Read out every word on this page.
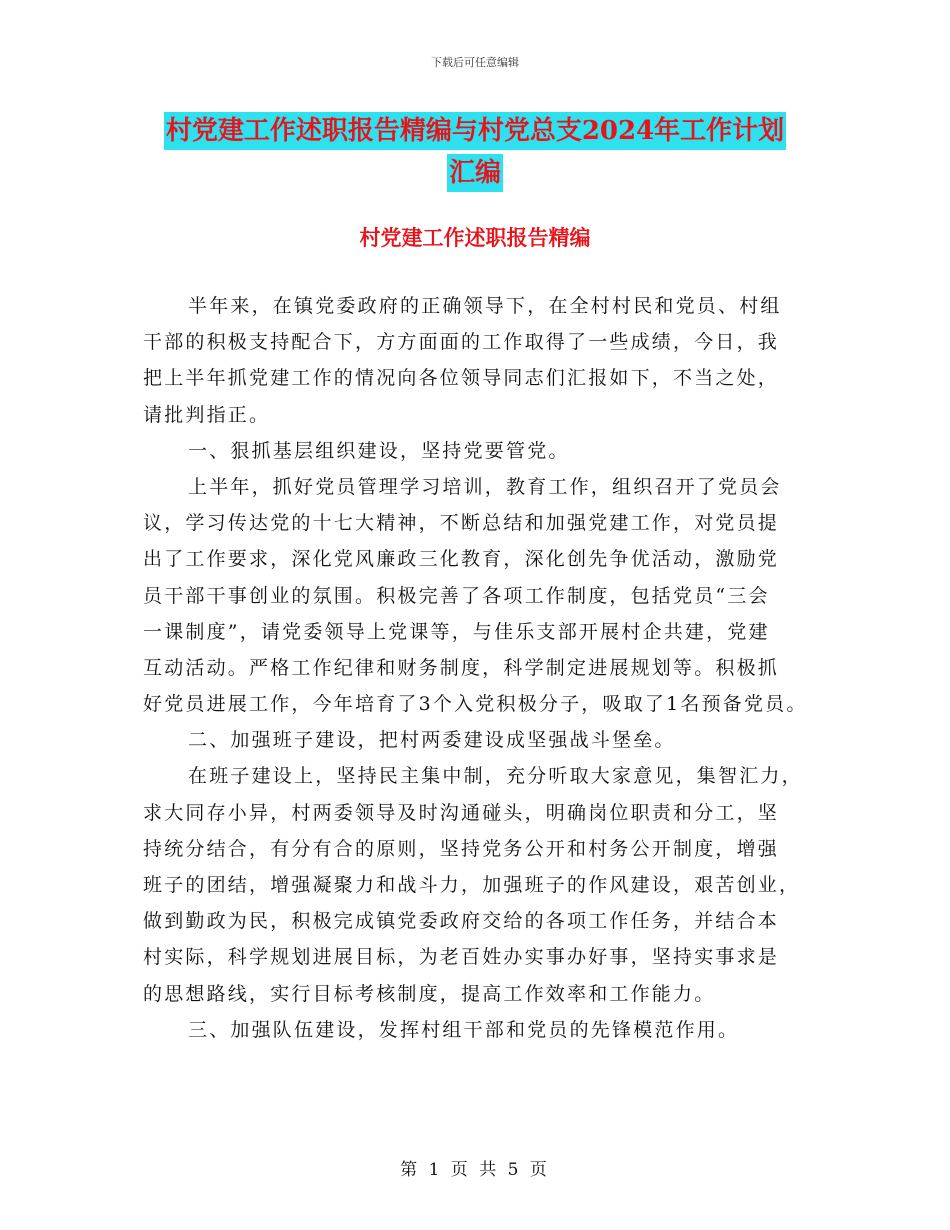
下载后可任意编辑
村党建工作述职报告精编与村党总支2024年工作计划
汇编
村党建工作述职报告精编
半年来，在镇党委政府的正确领导下，在全村村民和党员、村组
干部的积极支持配合下，方方面面的工作取得了一些成绩，今日，我
把上半年抓党建工作的情况向各位领导同志们汇报如下，不当之处，
请批判指正。
一、狠抓基层组织建设，坚持党要管党。
上半年，抓好党员管理学习培训，教育工作，组织召开了党员会
议，学习传达党的十七大精神，不断总结和加强党建工作，对党员提
出了工作要求，深化党风廉政三化教育，深化创先争优活动，激励党
员干部干事创业的氛围。积极完善了各项工作制度，包括党员“三会
一课制度”，请党委领导上党课等，与佳乐支部开展村企共建，党建
互动活动。严格工作纪律和财务制度，科学制定进展规划等。积极抓
好党员进展工作，今年培育了3个入党积极分子，吸取了1名预备党员。
二、加强班子建设，把村两委建设成坚强战斗堡垒。
在班子建设上，坚持民主集中制，充分听取大家意见，集智汇力，
求大同存小异，村两委领导及时沟通碰头，明确岗位职责和分工，坚
持统分结合，有分有合的原则，坚持党务公开和村务公开制度，增强
班子的团结，增强凝聚力和战斗力，加强班子的作风建设，艰苦创业，
做到勤政为民，积极完成镇党委政府交给的各项工作任务，并结合本
村实际，科学规划进展目标，为老百姓办实事办好事，坚持实事求是
的思想路线，实行目标考核制度，提高工作效率和工作能力。
三、加强队伍建设，发挥村组干部和党员的先锋模范作用。
第 1 页 共 5 页
